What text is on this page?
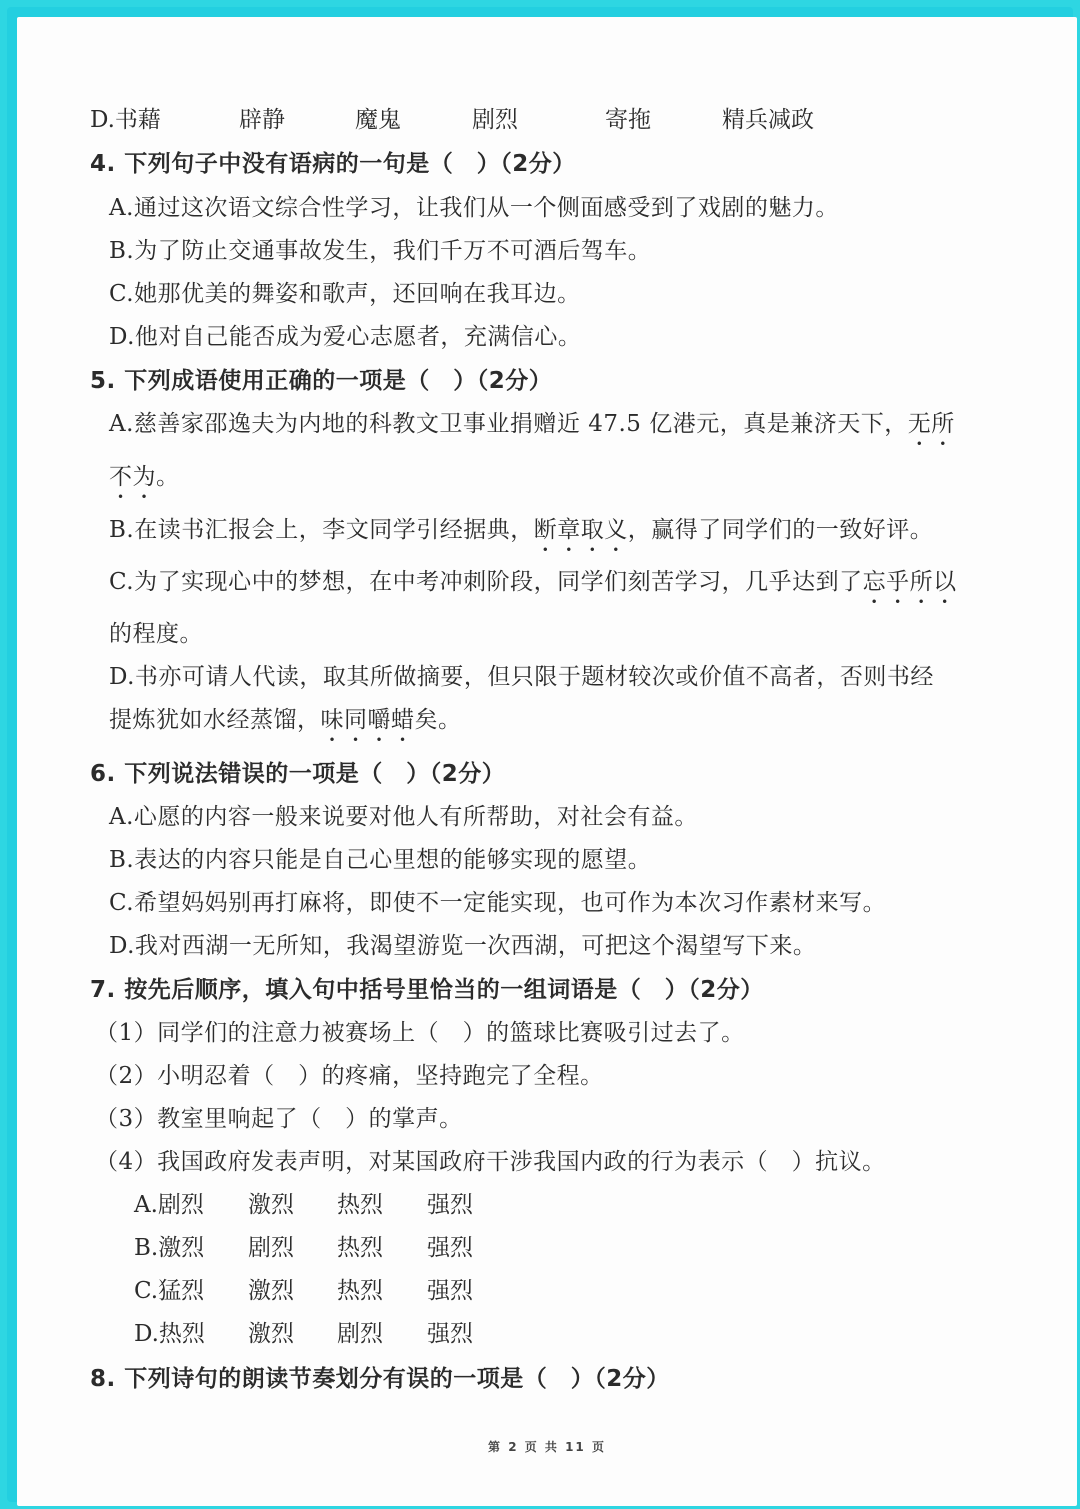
D.书藉	辟静	魔鬼	剧烈	寄拖	精兵减政
4. 下列句子中没有语病的一句是（　）（2分）
A.通过这次语文综合性学习，让我们从一个侧面感受到了戏剧的魅力。
B.为了防止交通事故发生，我们千万不可酒后驾车。
C.她那优美的舞姿和歌声，还回响在我耳边。
D.他对自己能否成为爱心志愿者，充满信心。
5. 下列成语使用正确的一项是（　）（2分）
A.慈善家邵逸夫为内地的科教文卫事业捐赠近 47.5 亿港元，真是兼济天下，无所
不为。
B.在读书汇报会上，李文同学引经据典，断章取义，赢得了同学们的一致好评。
C.为了实现心中的梦想，在中考冲刺阶段，同学们刻苦学习，几乎达到了忘乎所以
的程度。
D.书亦可请人代读，取其所做摘要，但只限于题材较次或价值不高者，否则书经
提炼犹如水经蒸馏，味同嚼蜡矣。
6. 下列说法错误的一项是（　）（2分）
A.心愿的内容一般来说要对他人有所帮助，对社会有益。
B.表达的内容只能是自己心里想的能够实现的愿望。
C.希望妈妈别再打麻将，即使不一定能实现，也可作为本次习作素材来写。
D.我对西湖一无所知，我渴望游览一次西湖，可把这个渴望写下来。
7. 按先后顺序，填入句中括号里恰当的一组词语是（　）（2分）
（1）同学们的注意力被赛场上（　）的篮球比赛吸引过去了。
（2）小明忍着（　）的疼痛，坚持跑完了全程。
（3）教室里响起了（　）的掌声。
（4）我国政府发表声明，对某国政府干涉我国内政的行为表示（　）抗议。
A.剧烈 激烈 热烈 强烈
B.激烈 剧烈 热烈 强烈
C.猛烈 激烈 热烈 强烈
D.热烈 激烈 剧烈 强烈
8. 下列诗句的朗读节奏划分有误的一项是（　）（2分）
第 2 页 共 11 页
